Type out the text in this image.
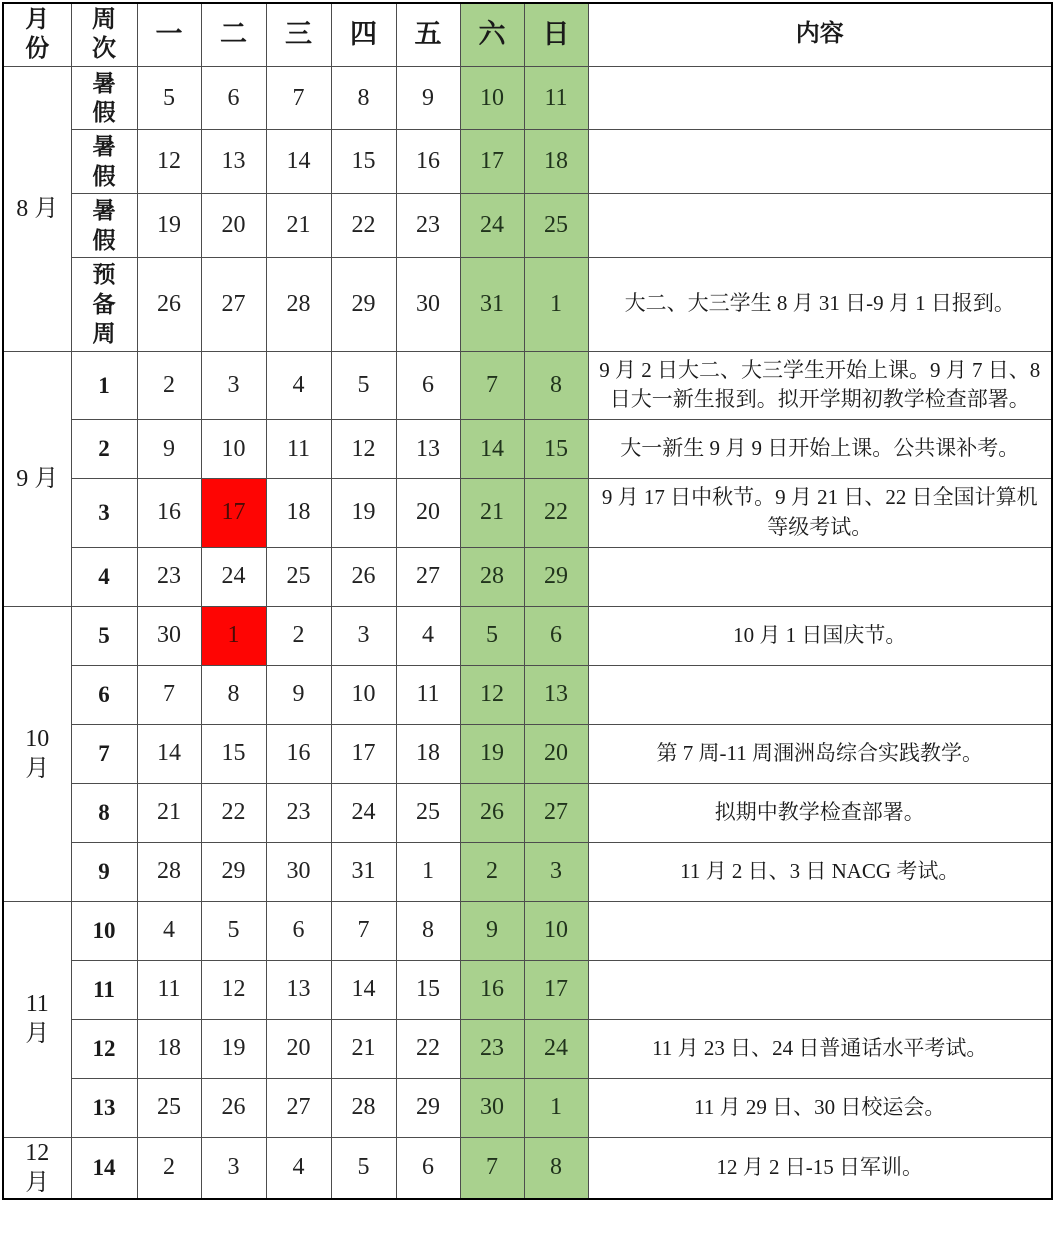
月份	周次	一	二	三	四	五	六	日	内容
8 月	暑假	5	6	7	8	9	10	11	
	暑假	12	13	14	15	16	17	18	
	暑假	19	20	21	22	23	24	25	
	预备周	26	27	28	29	30	31	1	大二、大三学生 8 月 31 日-9 月 1 日报到。
9 月	1	2	3	4	5	6	7	8	9 月 2 日大二、大三学生开始上课。9 月 7 日、8 日大一新生报到。拟开学期初教学检查部署。
	2	9	10	11	12	13	14	15	大一新生 9 月 9 日开始上课。公共课补考。
	3	16	17	18	19	20	21	22	9 月 17 日中秋节。9 月 21 日、22 日全国计算机等级考试。
	4	23	24	25	26	27	28	29	
10 月	5	30	1	2	3	4	5	6	10 月 1 日国庆节。
	6	7	8	9	10	11	12	13	
	7	14	15	16	17	18	19	20	第 7 周-11 周涠洲岛综合实践教学。
	8	21	22	23	24	25	26	27	拟期中教学检查部署。
	9	28	29	30	31	1	2	3	11 月 2 日、3 日 NACG 考试。
11 月	10	4	5	6	7	8	9	10	
	11	11	12	13	14	15	16	17	
	12	18	19	20	21	22	23	24	11 月 23 日、24 日普通话水平考试。
	13	25	26	27	28	29	30	1	11 月 29 日、30 日校运会。
12 月	14	2	3	4	5	6	7	8	12 月 2 日-15 日军训。
